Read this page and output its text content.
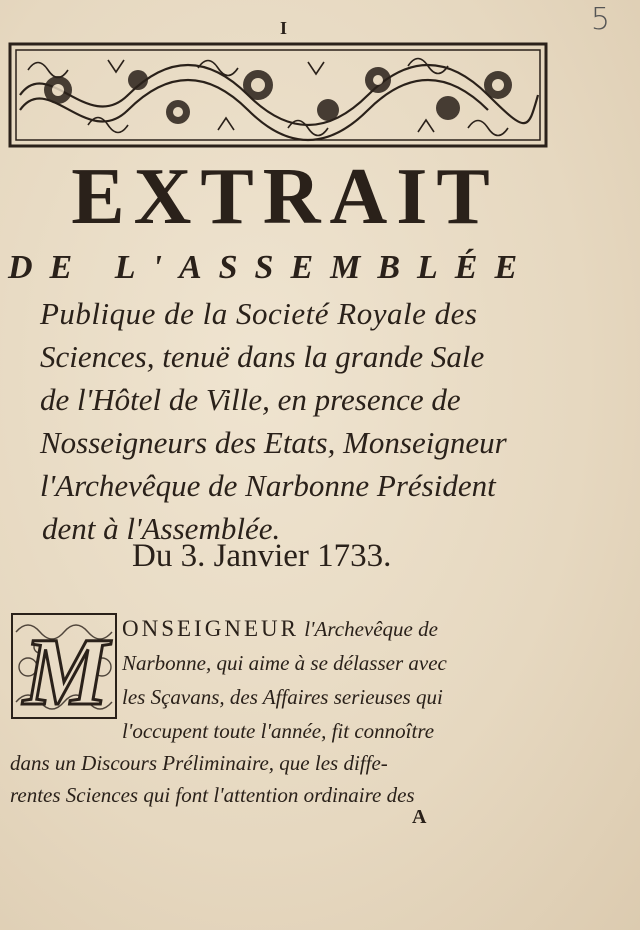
I	5
EXTRAIT
DE L'ASSEMBLÉE
Publique de la Societé Royale des
Sciences, tenuë dans la grande Sale
de l'Hôtel de Ville, en presence de
Nosseigneurs des Etats, Monseigneur
l'Archevêque de Narbonne Président
dent à l'Assemblée.
Du 3. Janvier 1733.
M ONSEIGNEUR l'Archevêque de
Narbonne, qui aime à se délasser avec
les Sçavans, des Affaires serieuses qui
l'occupent toute l'année, fit connoître
dans un Discours Préliminaire, que les diffe-
rentes Sciences qui font l'attention ordinaire des
A
